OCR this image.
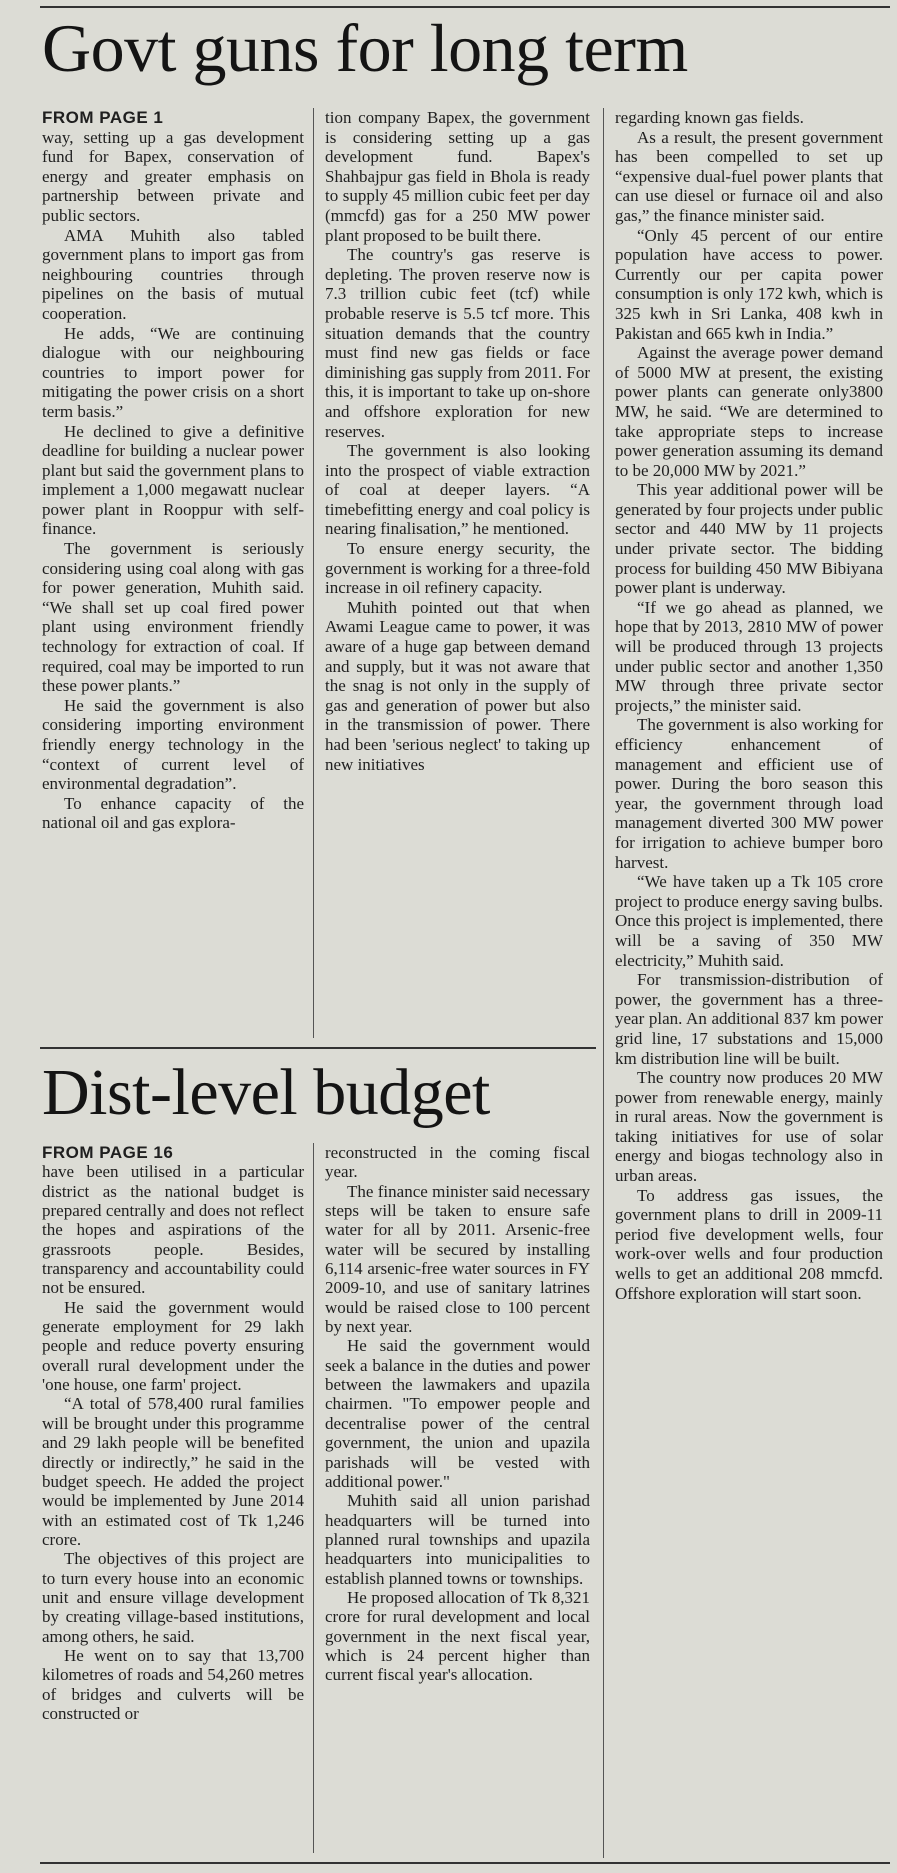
Govt guns for long term

FROM PAGE 1

way, setting up a gas development fund for Bapex, conservation of energy and greater emphasis on partnership between private and public sectors.

AMA Muhith also tabled government plans to import gas from neighbouring countries through pipelines on the basis of mutual cooperation.

He adds, “We are continuing dialogue with our neighbouring countries to import power for mitigating the power crisis on a short term basis.”

He declined to give a definitive deadline for building a nuclear power plant but said the government plans to implement a 1,000 megawatt nuclear power plant in Rooppur with self-finance.

The government is seriously considering using coal along with gas for power generation, Muhith said. “We shall set up coal fired power plant using environment friendly technology for extraction of coal. If required, coal may be imported to run these power plants.”

He said the government is also considering importing environment friendly energy technology in the “context of current level of environmental degradation”.

To enhance capacity of the national oil and gas explora-

tion company Bapex, the government is considering setting up a gas development fund. Bapex's Shahbajpur gas field in Bhola is ready to supply 45 million cubic feet per day (mmcfd) gas for a 250 MW power plant proposed to be built there.

The country's gas reserve is depleting. The proven reserve now is 7.3 trillion cubic feet (tcf) while probable reserve is 5.5 tcf more. This situation demands that the country must find new gas fields or face diminishing gas supply from 2011. For this, it is important to take up on-shore and offshore exploration for new reserves.

The government is also looking into the prospect of viable extraction of coal at deeper layers. “A timebefitting energy and coal policy is nearing finalisation,” he mentioned.

To ensure energy security, the government is working for a three-fold increase in oil refinery capacity.

Muhith pointed out that when Awami League came to power, it was aware of a huge gap between demand and supply, but it was not aware that the snag is not only in the supply of gas and generation of power but also in the transmission of power. There had been 'serious neglect' to taking up new initiatives

regarding known gas fields.

As a result, the present government has been compelled to set up “expensive dual-fuel power plants that can use diesel or furnace oil and also gas,” the finance minister said.

“Only 45 percent of our entire population have access to power. Currently our per capita power consumption is only 172 kwh, which is 325 kwh in Sri Lanka, 408 kwh in Pakistan and 665 kwh in India.”

Against the average power demand of 5000 MW at present, the existing power plants can generate only3800 MW, he said. “We are determined to take appropriate steps to increase power generation assuming its demand to be 20,000 MW by 2021.”

This year additional power will be generated by four projects under public sector and 440 MW by 11 projects under private sector. The bidding process for building 450 MW Bibiyana power plant is underway.

“If we go ahead as planned, we hope that by 2013, 2810 MW of power will be produced through 13 projects under public sector and another 1,350 MW through three private sector projects,” the minister said.

The government is also working for efficiency enhancement of management and efficient use of power. During the boro season this year, the government through load management diverted 300 MW power for irrigation to achieve bumper boro harvest.

“We have taken up a Tk 105 crore project to produce energy saving bulbs. Once this project is implemented, there will be a saving of 350 MW electricity,” Muhith said.

For transmission-distribution of power, the government has a three-year plan. An additional 837 km power grid line, 17 substations and 15,000 km distribution line will be built.

The country now produces 20 MW power from renewable energy, mainly in rural areas. Now the government is taking initiatives for use of solar energy and biogas technology also in urban areas.

To address gas issues, the government plans to drill in 2009-11 period five development wells, four work-over wells and four production wells to get an additional 208 mmcfd. Offshore exploration will start soon.

Dist-level budget

FROM PAGE 16

have been utilised in a particular district as the national budget is prepared centrally and does not reflect the hopes and aspirations of the grassroots people. Besides, transparency and accountability could not be ensured.

He said the government would generate employment for 29 lakh people and reduce poverty ensuring overall rural development under the 'one house, one farm' project.

“A total of 578,400 rural families will be brought under this programme and 29 lakh people will be benefited directly or indirectly,” he said in the budget speech. He added the project would be implemented by June 2014 with an estimated cost of Tk 1,246 crore.

The objectives of this project are to turn every house into an economic unit and ensure village development by creating village-based institutions, among others, he said.

He went on to say that 13,700 kilometres of roads and 54,260 metres of bridges and culverts will be constructed or

reconstructed in the coming fiscal year.

The finance minister said necessary steps will be taken to ensure safe water for all by 2011. Arsenic-free water will be secured by installing 6,114 arsenic-free water sources in FY 2009-10, and use of sanitary latrines would be raised close to 100 percent by next year.

He said the government would seek a balance in the duties and power between the lawmakers and upazila chairmen. "To empower people and decentralise power of the central government, the union and upazila parishads will be vested with additional power."

Muhith said all union parishad headquarters will be turned into planned rural townships and upazila headquarters into municipalities to establish planned towns or townships.

He proposed allocation of Tk 8,321 crore for rural development and local government in the next fiscal year, which is 24 percent higher than current fiscal year's allocation.
